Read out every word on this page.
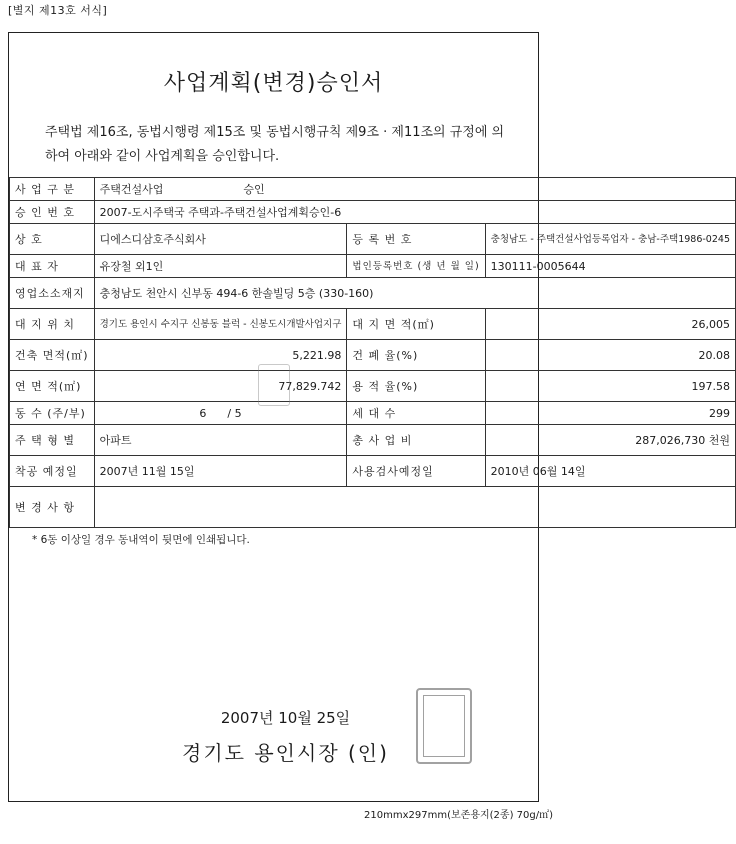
[별지 제13호 서식]
사업계획(변경)승인서
주택법 제16조, 동법시행령 제15조 및 동법시행규칙 제9조 · 제11조의 규정에 의하여 아래와 같이 사업계획을 승인합니다.
사 업 구 분	주택건설사업 승인		
승 인 번 호	2007-도시주택국 주택과-주택건설사업계획승인-6		
상 호	디에스디삼호주식회사	등 록 번 호	충청남도 - 주택건설사업등록업자 - 충남-주택1986-0245
대 표 자	유장철 외1인	법인등록번호 (생 년 월 일)	130111-0005644
영업소소재지	충청남도 천안시 신부동 494-6 한솔빌딩 5층 (330-160)		
대 지 위 치	경기도 용인시 수지구 신봉동 블럭 - 신봉도시개발사업지구	대 지 면 적(㎡)	26,005
건축 면적(㎡)	5,221.98	건 폐 율(%)	20.08
연 면 적(㎡)	77,829.742	용 적 율(%)	197.58
동 수 (주/부)	6 / 5	세 대 수	299
주 택 형 별	아파트	총 사 업 비	287,026,730 천원
착공 예정일	2007년 11월 15일	사용검사예정일	2010년 06월 14일
변 경 사 항			
* 6동 이상일 경우 동내역이 뒷면에 인쇄됩니다.
2007년 10월 25일
경기도 용인시장 (인)
210mmx297mm(보존용지(2종) 70g/㎡)
